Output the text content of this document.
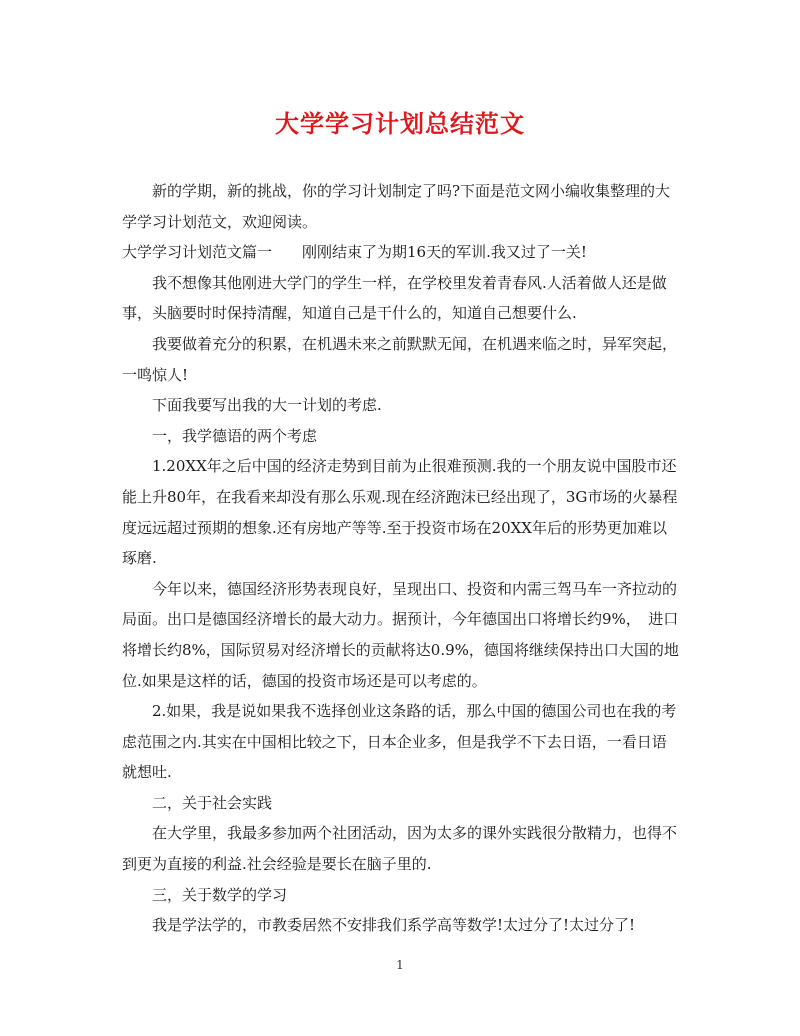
大学学习计划总结范文

新的学期，新的挑战，你的学习计划制定了吗?下面是范文网小编收集整理的大学学习计划范文，欢迎阅读。

大学学习计划范文篇一　　刚刚结束了为期16天的军训.我又过了一关!

我不想像其他刚进大学门的学生一样，在学校里发着青春风.人活着做人还是做事，头脑要时时保持清醒，知道自己是干什么的，知道自己想要什么.

我要做着充分的积累，在机遇未来之前默默无闻，在机遇来临之时，异军突起，一鸣惊人!

下面我要写出我的大一计划的考虑.

一，我学德语的两个考虑

1.20XX年之后中国的经济走势到目前为止很难预测.我的一个朋友说中国股市还能上升80年，在我看来却没有那么乐观.现在经济跑沫已经出现了，3G市场的火暴程度远远超过预期的想象.还有房地产等等.至于投资市场在20XX年后的形势更加难以琢磨.

今年以来，德国经济形势表现良好，呈现出口、投资和内需三驾马车一齐拉动的局面。出口是德国经济增长的最大动力。据预计，今年德国出口将增长约9%，　进口将增长约8%，国际贸易对经济增长的贡献将达0.9%，德国将继续保持出口大国的地位.如果是这样的话，德国的投资市场还是可以考虑的。

2.如果，我是说如果我不选择创业这条路的话，那么中国的德国公司也在我的考虑范围之内.其实在中国相比较之下，日本企业多，但是我学不下去日语，一看日语就想吐.

二，关于社会实践

在大学里，我最多参加两个社团活动，因为太多的课外实践很分散精力，也得不到更为直接的利益.社会经验是要长在脑子里的.

三，关于数学的学习

我是学法学的，市教委居然不安排我们系学高等数学!太过分了!太过分了!

1
